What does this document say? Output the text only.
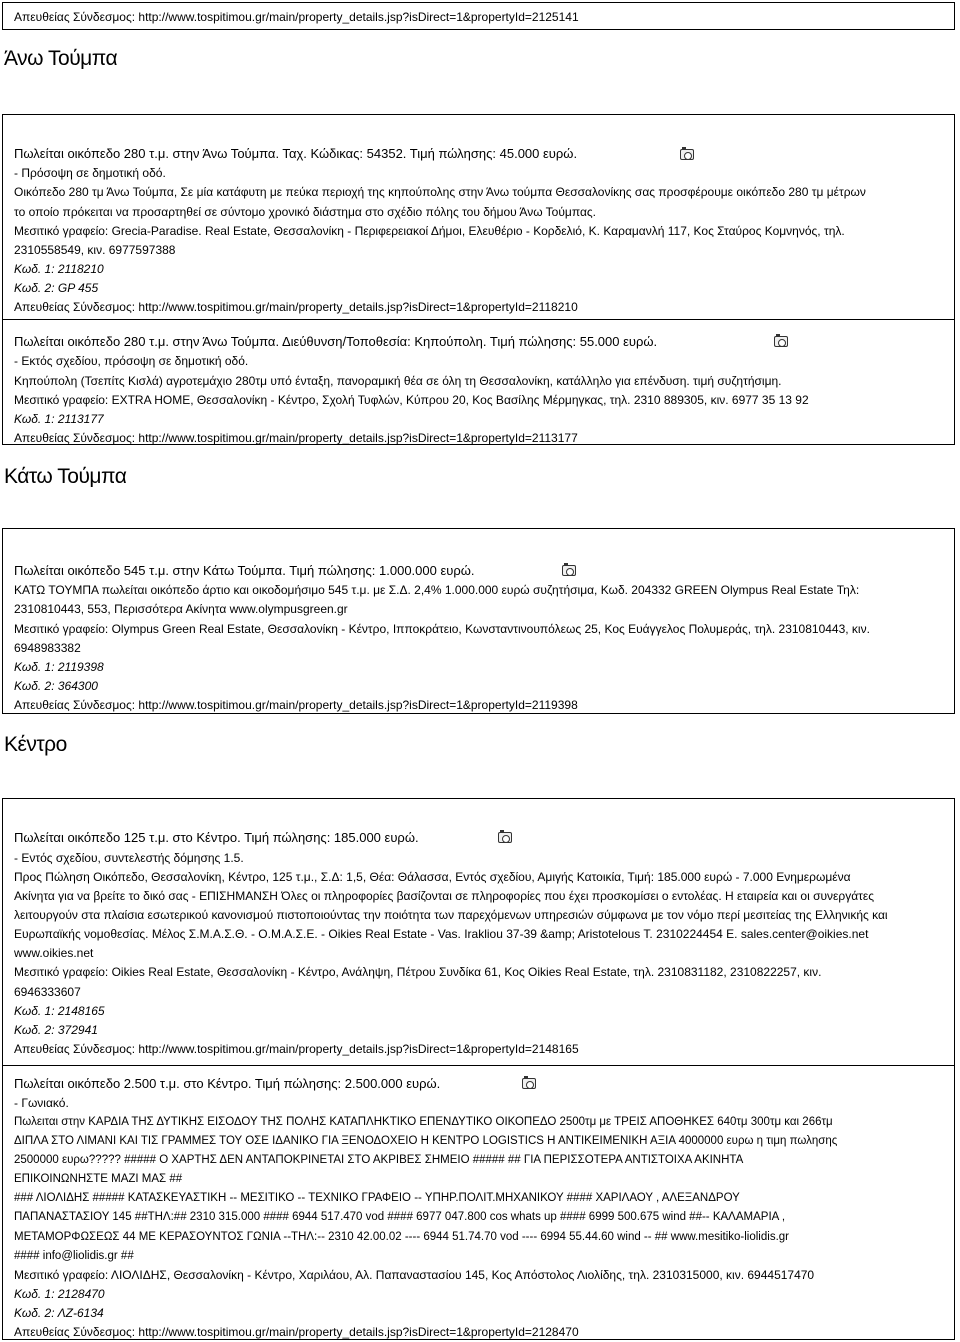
Απευθείας Σύνδεσμος: http://www.tospitimou.gr/main/property_details.jsp?isDirect=1&propertyId=2125141
Άνω Τούμπα
Πωλείται οικόπεδο 280 τ.μ. στην Άνω Τούμπα. Ταχ. Κώδικας: 54352. Τιμή πώλησης: 45.000 ευρώ.
- Πρόσοψη σε δημοτική οδό.
Οικόπεδο 280 τμ Άνω Τούμπα, Σε μία κατάφυτη με πεύκα περιοχή της κηπούπολης στην Άνω τούμπα Θεσσαλονίκης σας προσφέρουμε οικόπεδο 280 τμ μέτρων
το οποίο πρόκειται να προσαρτηθεί σε σύντομο χρονικό διάστημα στο σχέδιο πόλης του δήμου Άνω Τούμπας.
Μεσιτικό γραφείο: Grecia-Paradise. Real Estate, Θεσσαλονίκη - Περιφερειακοί Δήμοι, Ελευθέριο - Κορδελιό, Κ. Καραμανλή 117, Κος Σταύρος Κομνηνός, τηλ.
2310558549, κιν. 6977597388
Κωδ. 1: 2118210
Κωδ. 2: GP 455
Απευθείας Σύνδεσμος: http://www.tospitimou.gr/main/property_details.jsp?isDirect=1&propertyId=2118210
Πωλείται οικόπεδο 280 τ.μ. στην Άνω Τούμπα. Διεύθυνση/Τοποθεσία: Κηπούπολη. Τιμή πώλησης: 55.000 ευρώ.
- Εκτός σχεδίου, πρόσοψη σε δημοτική οδό.
Κηπούπολη (Τσεπίτς Κισλά) αγροτεμάχιο 280τμ υπό ένταξη, πανοραμική θέα σε όλη τη Θεσσαλονίκη, κατάλληλο για επένδυση. τιμή συζητήσιμη.
Μεσιτικό γραφείο: EXTRA HOME, Θεσσαλονίκη - Κέντρο, Σχολή Τυφλών, Κύπρου 20, Κος Βασίλης Μέρμηγκας, τηλ. 2310 889305, κιν. 6977 35 13 92
Κωδ. 1: 2113177
Απευθείας Σύνδεσμος: http://www.tospitimou.gr/main/property_details.jsp?isDirect=1&propertyId=2113177
Κάτω Τούμπα
Πωλείται οικόπεδο 545 τ.μ. στην Κάτω Τούμπα. Τιμή πώλησης: 1.000.000 ευρώ.
ΚΑΤΩ ΤΟΥΜΠΑ πωλείται οικόπεδο άρτιο και οικοδομήσιμο 545 τ.μ. με Σ.Δ. 2,4% 1.000.000 ευρώ συζητήσιμα, Κωδ. 204332 GREEN Olympus Real Estate Τηλ:
2310810443, 553, Περισσότερα Ακίνητα www.olympusgreen.gr
Μεσιτικό γραφείο: Olympus Green Real Estate, Θεσσαλονίκη - Κέντρο, Ιπποκράτειο, Κωνσταντινουπόλεως 25, Κος Ευάγγελος Πολυμεράς, τηλ. 2310810443, κιν.
6948983382
Κωδ. 1: 2119398
Κωδ. 2: 364300
Απευθείας Σύνδεσμος: http://www.tospitimou.gr/main/property_details.jsp?isDirect=1&propertyId=2119398
Κέντρο
Πωλείται οικόπεδο 125 τ.μ. στο Κέντρο. Τιμή πώλησης: 185.000 ευρώ.
- Εντός σχεδίου, συντελεστής δόμησης 1.5.
Προς Πώληση Οικόπεδο, Θεσσαλονίκη, Κέντρο, 125 τ.μ., Σ.Δ: 1,5, Θέα: Θάλασσα, Εντός σχεδίου, Αμιγής Κατοικία, Τιμή: 185.000 ευρώ - 7.000 Ενημερωμένα
Ακίνητα για να βρείτε το δικό σας - ΕΠΙΣΗΜΑΝΣΗ Όλες οι πληροφορίες βασίζονται σε πληροφορίες που έχει προσκομίσει ο εντολέας. Η εταιρεία και οι συνεργάτες
λειτουργούν στα πλαίσια εσωτερικού κανονισμού πιστοποιούντας την ποιότητα των παρεχόμενων υπηρεσιών σύμφωνα με τον νόμο περί μεσιτείας της Ελληνικής και
Ευρωπαϊκής νομοθεσίας. Μέλος Σ.Μ.Α.Σ.Θ. - Ο.Μ.Α.Σ.Ε. - Oikies Real Estate - Vas. Irakliou 37-39 &amp; Aristotelous T. 2310224454 E. sales.center@oikies.net
www.oikies.net
Μεσιτικό γραφείο: Oikies Real Estate, Θεσσαλονίκη - Κέντρο, Ανάληψη, Πέτρου Συνδίκα 61, Κος Oikies Real Estate, τηλ. 2310831182, 2310822257, κιν.
6946333607
Κωδ. 1: 2148165
Κωδ. 2: 372941
Απευθείας Σύνδεσμος: http://www.tospitimou.gr/main/property_details.jsp?isDirect=1&propertyId=2148165
Πωλείται οικόπεδο 2.500 τ.μ. στο Κέντρο. Τιμή πώλησης: 2.500.000 ευρώ.
- Γωνιακό.
Πωλειται στην ΚΑΡΔΙΑ ΤΗΣ ΔΥΤΙΚΗΣ ΕΙΣΟΔΟΥ ΤΗΣ ΠΟΛΗΣ ΚΑΤΑΠΛΗΚΤΙΚΟ ΕΠΕΝΔΥΤΙΚΟ ΟΙΚΟΠΕΔΟ 2500τμ με ΤΡΕΙΣ ΑΠΟΘΗΚΕΣ 640τμ 300τμ και 266τμ
ΔΙΠΛΑ ΣΤΟ ΛΙΜΑΝΙ ΚΑΙ ΤΙΣ ΓΡΑΜΜΕΣ ΤΟΥ ΟΣΕ ΙΔΑΝΙΚΟ ΓΙΑ ΞΕΝΟΔΟΧΕΙΟ Η ΚΕΝΤΡΟ LOGISTICS Η ΑΝΤΙΚΕΙΜΕΝΙΚΗ ΑΞΙΑ 4000000 ευρω η τιμη πωλησης
2500000 ευρω????? ##### Ο ΧΑΡΤΗΣ ΔΕΝ ΑΝΤΑΠΟΚΡΙΝΕΤΑΙ ΣΤΟ ΑΚΡΙΒΕΣ ΣΗΜΕΙΟ ##### ## ΓΙΑ ΠΕΡΙΣΣΟΤΕΡΑ ΑΝΤΙΣΤΟΙΧΑ ΑΚΙΝΗΤΑ
ΕΠΙΚΟΙΝΩΝΗΣΤΕ ΜΑΖΙ ΜΑΣ ##
### ΛΙΟΛΙΔΗΣ ##### ΚΑΤΑΣΚΕΥΑΣΤΙΚΗ -- ΜΕΣΙΤΙΚΟ -- ΤΕΧΝΙΚΟ ΓΡΑΦΕΙΟ -- ΥΠΗΡ.ΠΟΛΙΤ.ΜΗΧΑΝΙΚΟΥ #### ΧΑΡΙΛΑΟΥ , ΑΛΕΞΑΝΔΡΟΥ
ΠΑΠΑΝΑΣΤΑΣΙΟΥ 145 ##ΤΗΛ:## 2310 315.000 #### 6944 517.470 vod #### 6977 047.800 cos whats up #### 6999 500.675 wind ##-- ΚΑΛΑΜΑΡΙΑ ,
ΜΕΤΑΜΟΡΦΩΣΕΩΣ 44 ΜΕ ΚΕΡΑΣΟΥΝΤΟΣ ΓΩΝΙΑ --ΤΗΛ:-- 2310 42.00.02 ---- 6944 51.74.70 vod ---- 6994 55.44.60 wind -- ## www.mesitiko-liolidis.gr
#### info@liolidis.gr ##
Μεσιτικό γραφείο: ΛΙΟΛΙΔΗΣ, Θεσσαλονίκη - Κέντρο, Χαριλάου, Αλ. Παπαναστασίου 145, Κος Απόστολος Λιολίδης, τηλ. 2310315000, κιν. 6944517470
Κωδ. 1: 2128470
Κωδ. 2: ΛΖ-6134
Απευθείας Σύνδεσμος: http://www.tospitimou.gr/main/property_details.jsp?isDirect=1&propertyId=2128470
